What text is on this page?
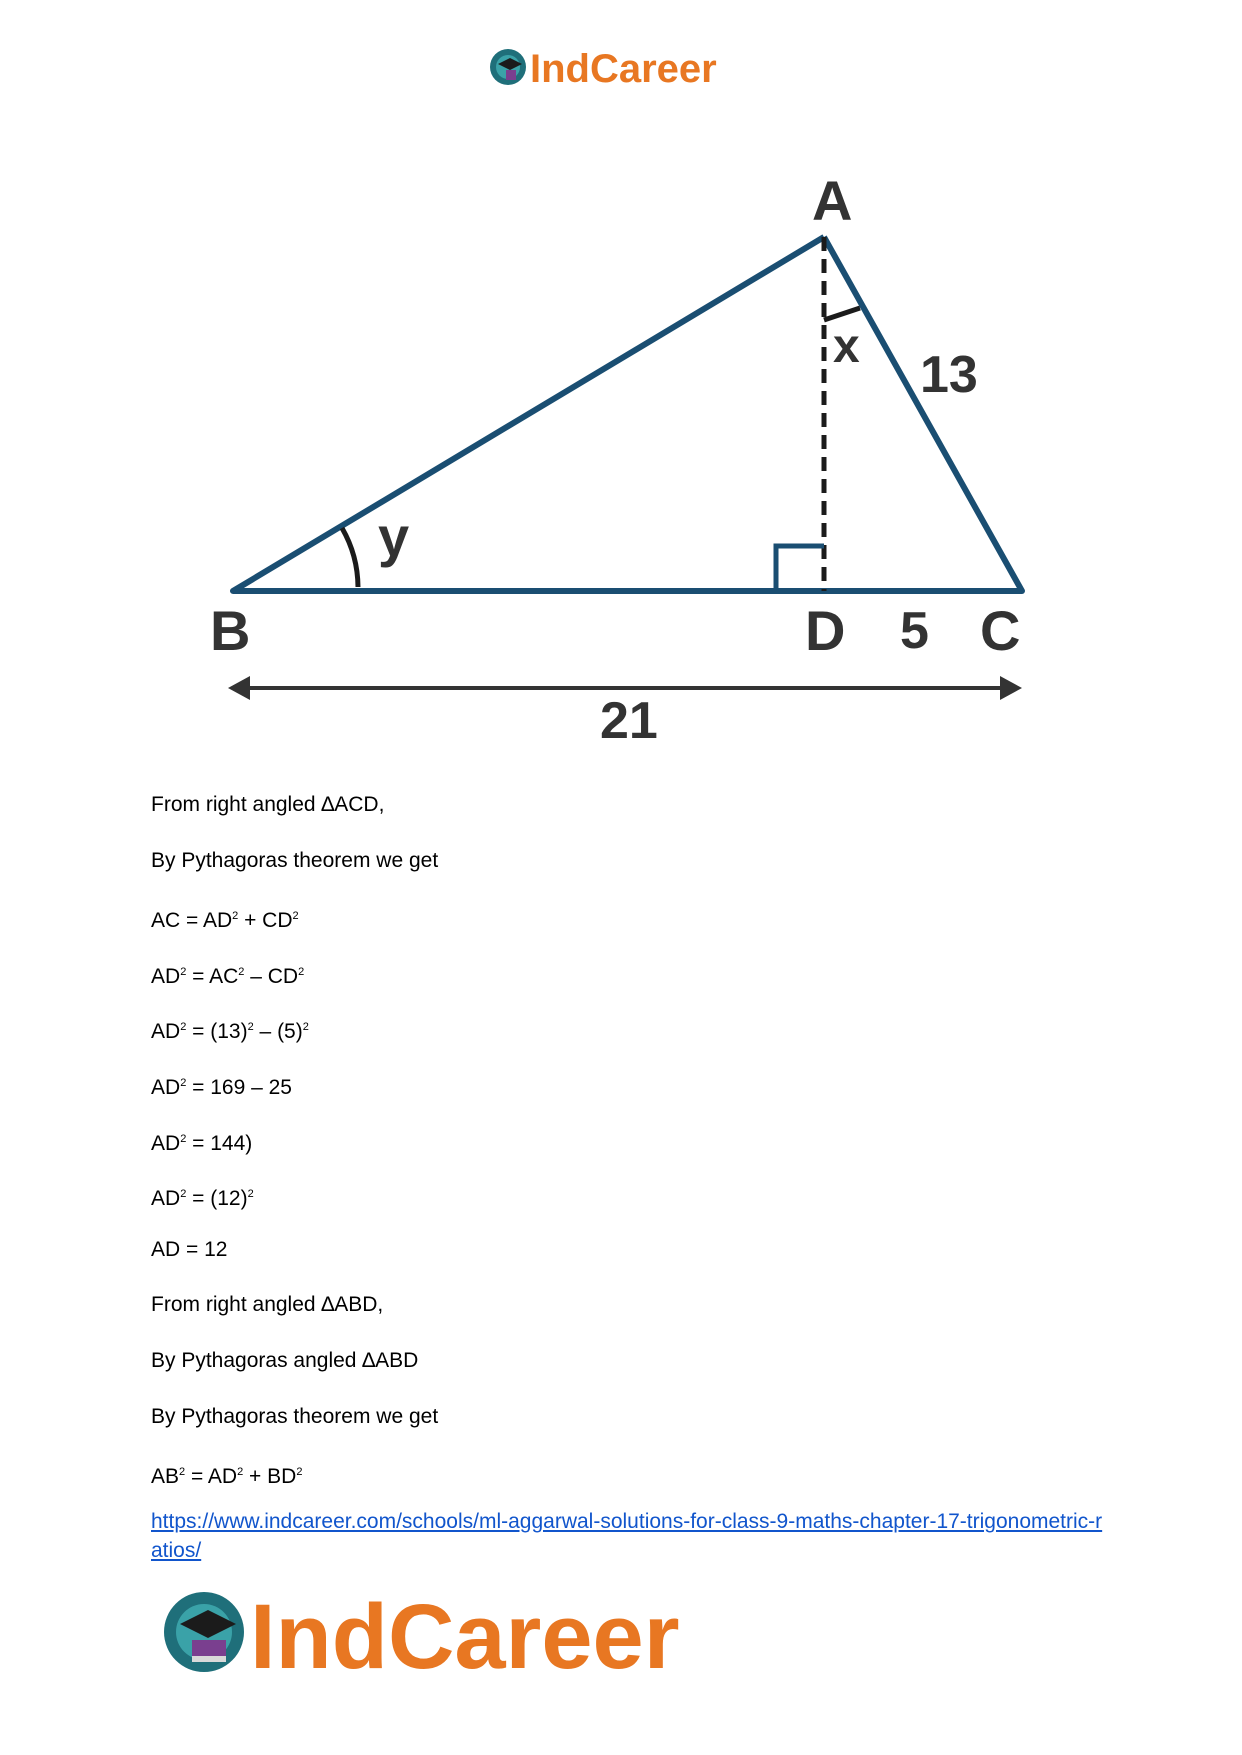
IndCareer
A
B	D C
x
y
13
5
21
From right angled ∆ACD,
By Pythagoras theorem we get
AC = $AD^2 + CD^2$
$AD^2 = AC^2 - CD^2$
$AD^2 = (13)^2 - (5)^2$
$AD^2 = 169 - 25$
$AD^2 = 144$)
$AD^2 = (12)^2$
AD = 12
From right angled ∆ABD,
By Pythagoras angled ∆ABD
By Pythagoras theorem we get
$AB^2 = AD^2 + BD^2$
https://www.indcareer.com/schools/ml-aggarwal-solutions-for-class-9-maths-chapter-17-trigonometric-ratios/
IndCareer
